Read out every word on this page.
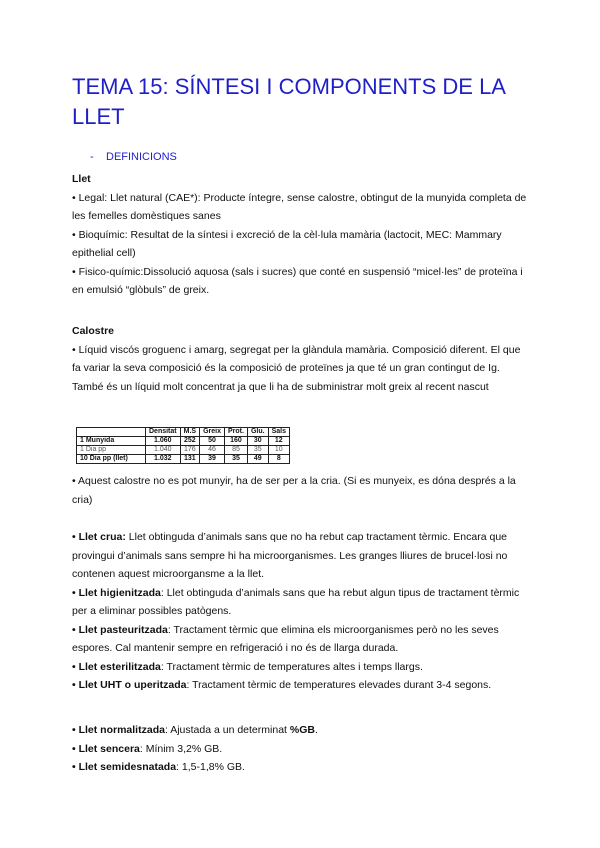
TEMA 15: SÍNTESI I COMPONENTS DE LA LLET
- DEFINICIONS
Llet

• Legal: Llet natural (CAE*): Producte íntegre, sense calostre, obtingut de la munyida completa de les femelles domèstiques sanes

• Bioquímic: Resultat de la síntesi i excreció de la cèl·lula mamària (lactocit, MEC: Mammary epithelial cell)

• Fisico-químic:Dissolució aquosa (sals i sucres) que conté en suspensió “micel·les” de proteïna i en emulsió “glòbuls” de greix.

Calostre

• Líquid viscós groguenc i amarg, segregat per la glàndula mamària. Composició diferent. El que fa variar la seva composició és la composició de proteïnes ja que té un gran contingut de Ig. També és un líquid molt concentrat ja que li ha de subministrar molt greix al recent nascut

	Densitat	M.S	Greix	Prot.	Glu.	Sals
1 Munyida	1.060	252	50	160	30	12
1 Dia pp	1.040	176	46	85	35	10
10 Dia pp (llet)	1.032	131	39	35	49	8

• Aquest calostre no es pot munyir, ha de ser per a la cria. (Si es munyeix, es dóna després a la cria)

• Llet crua: Llet obtinguda d’animals sans que no ha rebut cap tractament tèrmic. Encara que provingui d’animals sans sempre hi ha microorganismes. Les granges lliures de brucel·losi no contenen aquest microorgansme a la llet.

• Llet higienitzada: Llet obtinguda d’animals sans que ha rebut algun tipus de tractament tèrmic per a eliminar possibles patògens.

• Llet pasteuritzada: Tractament tèrmic que elimina els microorganismes però no les seves espores. Cal mantenir sempre en refrigeració i no és de llarga durada.

• Llet esterilitzada: Tractament tèrmic de temperatures altes i temps llargs.

• Llet UHT o uperitzada: Tractament tèrmic de temperatures elevades durant 3-4 segons.

• Llet normalitzada: Ajustada a un determinat %GB.

• Llet sencera: Mínim 3,2% GB.

• Llet semidesnatada: 1,5-1,8% GB.
